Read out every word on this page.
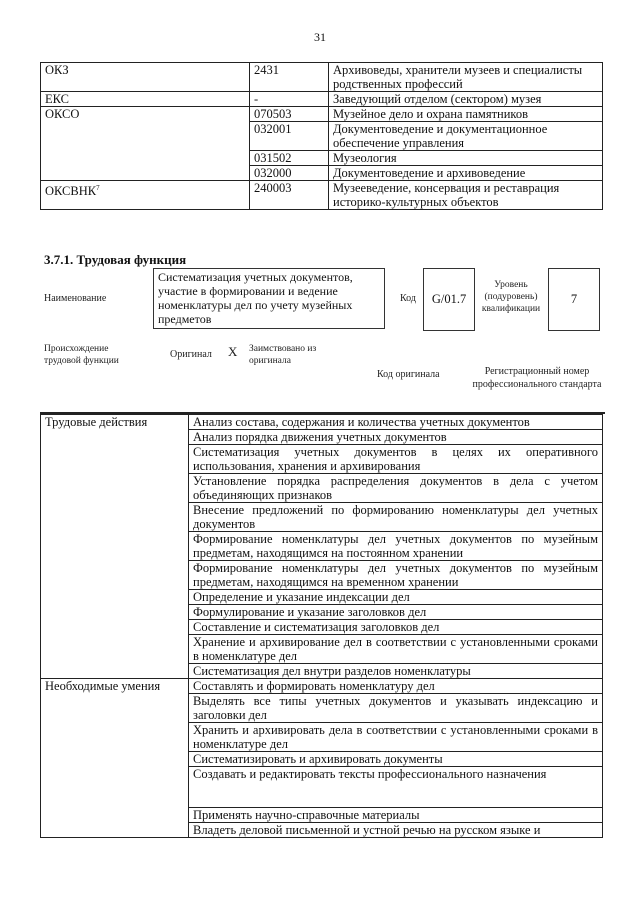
31
ОКЗ	2431	Архивоведы, хранители музеев и специалисты родственных профессий
ЕКС	-	Заведующий отделом (сектором) музея
ОКСО	070503	Музейное дело и охрана памятников
	032001	Документоведение и документационное обеспечение управления
	031502	Музеология
	032000	Документоведение и архивоведение
ОКСВНК$^7$	240003	Музееведение, консервация и реставрация историко-культурных объектов
3.7.1. Трудовая функция
Наименование
Систематизация учетных документов, участие в формировании и ведение номенклатуры дел по учету музейных предметов
Код	G/01.7
Уровень (подуровень) квалификации
7
Происхождение трудовой функции
Оригинал X Заимствовано из оригинала
Код оригинала	Регистрационный номер профессионального стандарта
Трудовые действия	Анализ состава, содержания и количества учетных документов
	Анализ порядка движения учетных документов
	Систематизация учетных документов в целях их оперативного использования, хранения и архивирования
	Установление порядка распределения документов в дела с учетом объединяющих признаков
	Внесение предложений по формированию номенклатуры дел учетных документов
	Формирование номенклатуры дел учетных документов по музейным предметам, находящимся на постоянном хранении
	Формирование номенклатуры дел учетных документов по музейным предметам, находящимся на временном хранении
	Определение и указание индексации дел
	Формулирование и указание заголовков дел
	Составление и систематизация заголовков дел
	Хранение и архивирование дел в соответствии с установленными сроками в номенклатуре дел
	Систематизация дел внутри разделов номенклатуры
Необходимые умения	Составлять и формировать номенклатуру дел
	Выделять все типы учетных документов и указывать индексацию и заголовки дел
	Хранить и архивировать дела в соответствии с установленными сроками в номенклатуре дел
	Систематизировать и архивировать документы
	Создавать и редактировать тексты профессионального назначения
	Применять научно-справочные материалы
	Владеть деловой письменной и устной речью на русском языке и
